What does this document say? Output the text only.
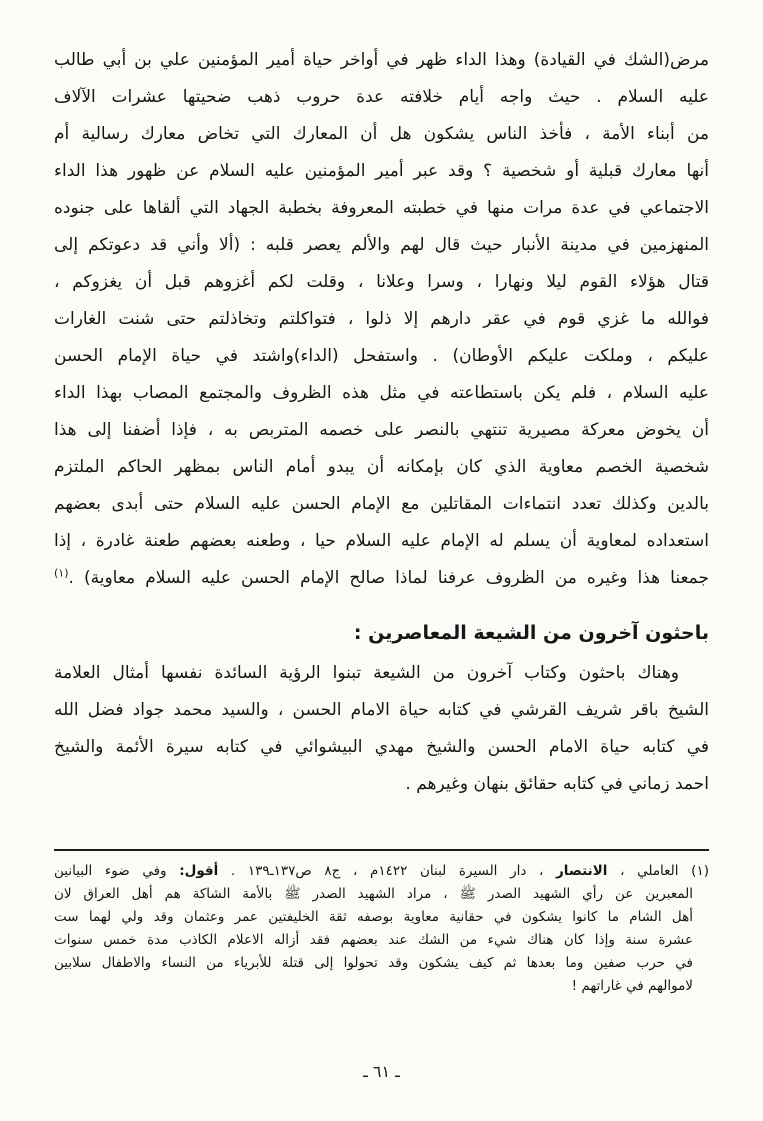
مرض(الشك في القيادة) وهذا الداء ظهر في أواخر حياة أمير المؤمنين علي بن أبي طالب
عليه السلام . حيث واجه أيام خلافته عدة حروب ذهب ضحيتها عشرات الآلاف
من أبناء الأمة ، فأخذ الناس يشكون هل أن المعارك التي تخاض معارك رسالية أم
أنها معارك قبلية أو شخصية ؟ وقد عبر أمير المؤمنين عليه السلام عن ظهور هذا الداء
الاجتماعي في عدة مرات منها في خطبته المعروفة بخطبة الجهاد التي ألقاها على جنوده
المنهزمين في مدينة الأنبار حيث قال لهم والألم يعصر قلبه : (ألا وأني قد دعوتكم إلى
قتال هؤلاء القوم ليلا ونهارا ، وسرا وعلانا ، وقلت لكم أغزوهم قبل أن يغزوكم ،
فوالله ما غزي قوم في عقر دارهم إلا ذلوا ، فتواكلتم وتخاذلتم حتى شنت الغارات
عليكم ، وملكت عليكم الأوطان) . واستفحل (الداء)واشتد في حياة الإمام الحسن
عليه السلام ، فلم يكن باستطاعته في مثل هذه الظروف والمجتمع المصاب بهذا الداء
أن يخوض معركة مصيرية تنتهي بالنصر على خصمه المتربص به ، فإذا أضفنا إلى هذا
شخصية الخصم معاوية الذي كان بإمكانه أن يبدو أمام الناس بمظهر الحاكم الملتزم
بالدين وكذلك تعدد انتماءات المقاتلين مع الإمام الحسن عليه السلام حتى أبدى بعضهم
استعداده لمعاوية أن يسلم له الإمام عليه السلام حيا ، وطعنه بعضهم طعنة غادرة ، إذا
جمعنا هذا وغيره من الظروف عرفنا لماذا صالح الإمام الحسن عليه السلام معاوية) .$^{(١)}$
باحثون آخرون من الشيعة المعاصرين :
وهناك باحثون وكتاب آخرون من الشيعة تبنوا الرؤية السائدة نفسها أمثال العلامة
الشيخ باقر شريف القرشي في كتابه حياة الامام الحسن ، والسيد محمد جواد فضل الله
في كتابه حياة الامام الحسن والشيخ مهدي البيشوائي في كتابه سيرة الأئمة والشيخ
احمد زماني في كتابه حقائق بنهان وغيرهم .
(١) العاملي ، الانتصار ، دار السيرة لبنان ١٤٢٢م ، ج٨ ص١٣٧ـ١٣٩ . أقول: وفي ضوء البيانين
المعبرين عن رأي الشهيد الصدر ﷺ ، مراد الشهيد الصدر ﷺ بالأمة الشاكة هم أهل العراق لان
أهل الشام ما كانوا يشكون في حقانية معاوية بوصفه ثقة الخليفتين عمر وعثمان وقد ولي لهما ست
عشرة سنة وإذا كان هناك شيء من الشك عند بعضهم فقد أزاله الاعلام الكاذب مدة خمس سنوات
في حرب صفين وما بعدها ثم كيف يشكون وقد تحولوا إلى قتلة للأبرياء من النساء والاطفال سلابين
لاموالهم في غاراتهم !
ـ ٦١ ـ
